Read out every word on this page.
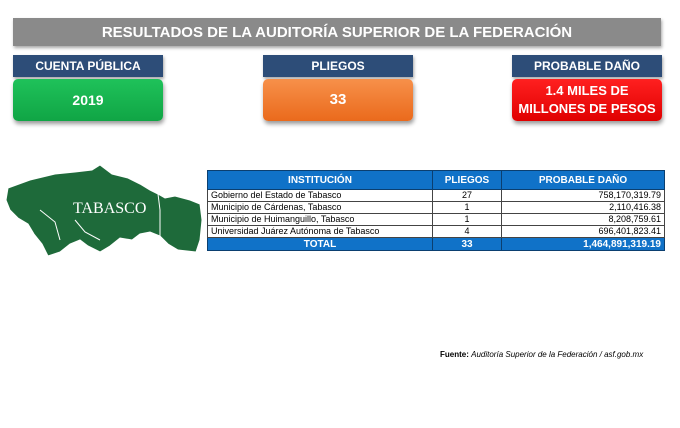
RESULTADOS DE LA AUDITORÍA SUPERIOR DE LA FEDERACIÓN
CUENTA PÚBLICA
2019
PLIEGOS
33
PROBABLE DAÑO
1.4 MILES DE MILLONES DE PESOS
TABASCO
INSTITUCIÓN	PLIEGOS	PROBABLE DAÑO
Gobierno del Estado de Tabasco	27	758,170,319.79
Municipio de Cárdenas, Tabasco	1	2,110,416.38
Municipio de Huimanguillo, Tabasco	1	8,208,759.61
Universidad Juárez Autónoma de Tabasco	4	696,401,823.41
TOTAL	33	1,464,891,319.19
Fuente: Auditoría Superior de la Federación / asf.gob.mx
